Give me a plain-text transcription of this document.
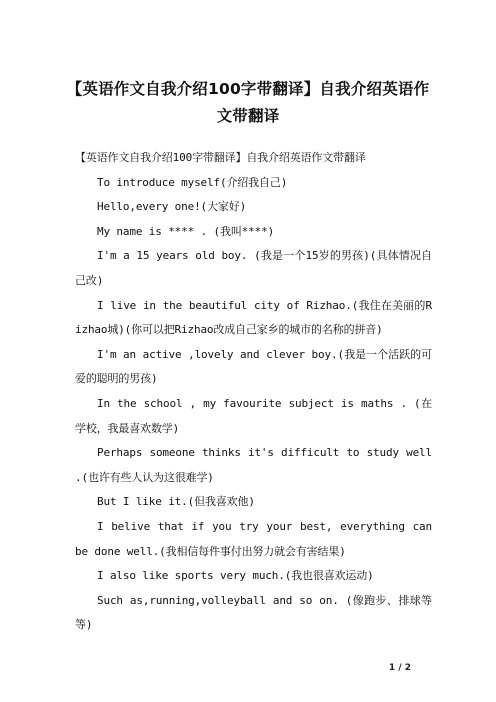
【英语作文自我介绍100字带翻译】自我介绍英语作文带翻译

【英语作文自我介绍100字带翻译】自我介绍英语作文带翻译

To introduce myself(介绍我自己)

Hello,every one!(大家好)

My name is **** . (我叫****)

I'm a 15 years old boy. (我是一个15岁的男孩)(具体情况自己改)

I live in the beautiful city of Rizhao.(我住在美丽的Rizhao城)(你可以把Rizhao改成自己家乡的城市的名称的拼音)

I'm an active ,lovely and clever boy.(我是一个活跃的可爱的聪明的男孩)

In the school , my favourite subject is maths . (在学校，我最喜欢数学)

Perhaps someone thinks it's difficult to study well .(也许有些人认为这很难学)

But I like it.(但我喜欢他)

I belive that if you try your best, everything can be done well.(我相信每件事付出努力就会有害结果)

I also like sports very much.(我也很喜欢运动)

Such as,running,volleyball and so on. (像跑步、排球等等)

1 / 2
